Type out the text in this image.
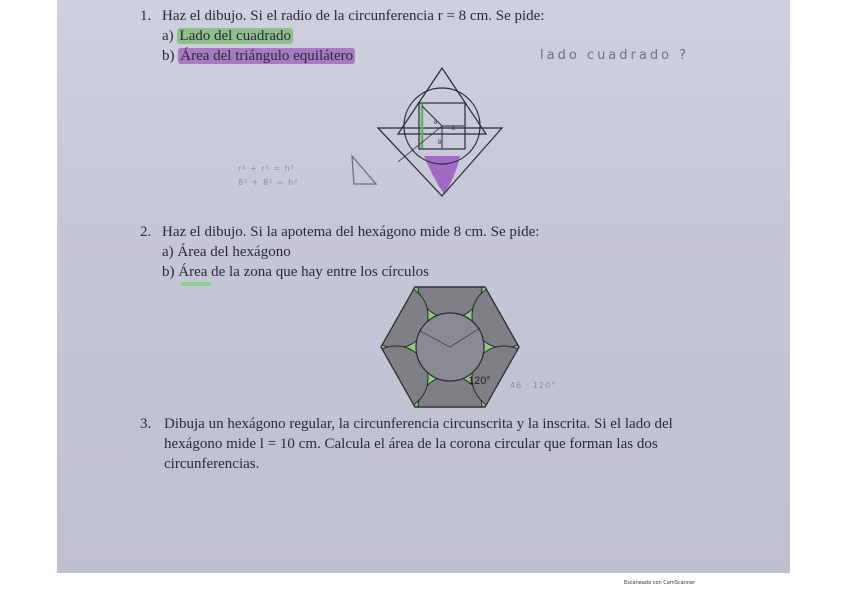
1. Haz el dibujo. Si el radio de la circunferencia r = 8 cm. Se pide:
a) Lado del cuadrado
b) Área del triángulo equilátero	lado cuadrado ?
r² + r² = h²
8² + 8² = h²
8
8
8
2. Haz el dibujo. Si la apotema del hexágono mide 8 cm. Se pide:
a) Área del hexágono
b) Área de la zona que hay entre los círculos
120° 46 · 120°
3. Dibuja un hexágono regular, la circunferencia circunscrita y la inscrita. Si el lado del
hexágono mide l = 10 cm. Calcula el área de la corona circular que forman las dos
circunferencias.
Escaneado con CamScanner
